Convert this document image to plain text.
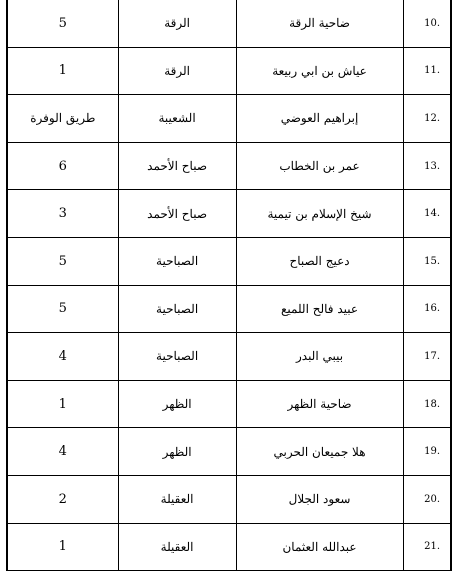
.10	ضاحية الرقة	الرقة	5
.11	عياش بن ابي ربيعة	الرقة	1
.12	إبراهيم العوضي	الشعيبة	طريق الوفرة
.13	عمر بن الخطاب	صباح الأحمد	6
.14	شيخ الإسلام بن تيمية	صباح الأحمد	3
.15	دعيج الصباح	الصباحية	5
.16	عبيد فالح اللميع	الصباحية	5
.17	بيبي البدر	الصباحية	4
.18	ضاحية الظهر	الظهر	1
.19	هلا جميعان الحربي	الظهر	4
.20	سعود الجلال	العقيلة	2
.21	عبدالله العثمان	العقيلة	1
